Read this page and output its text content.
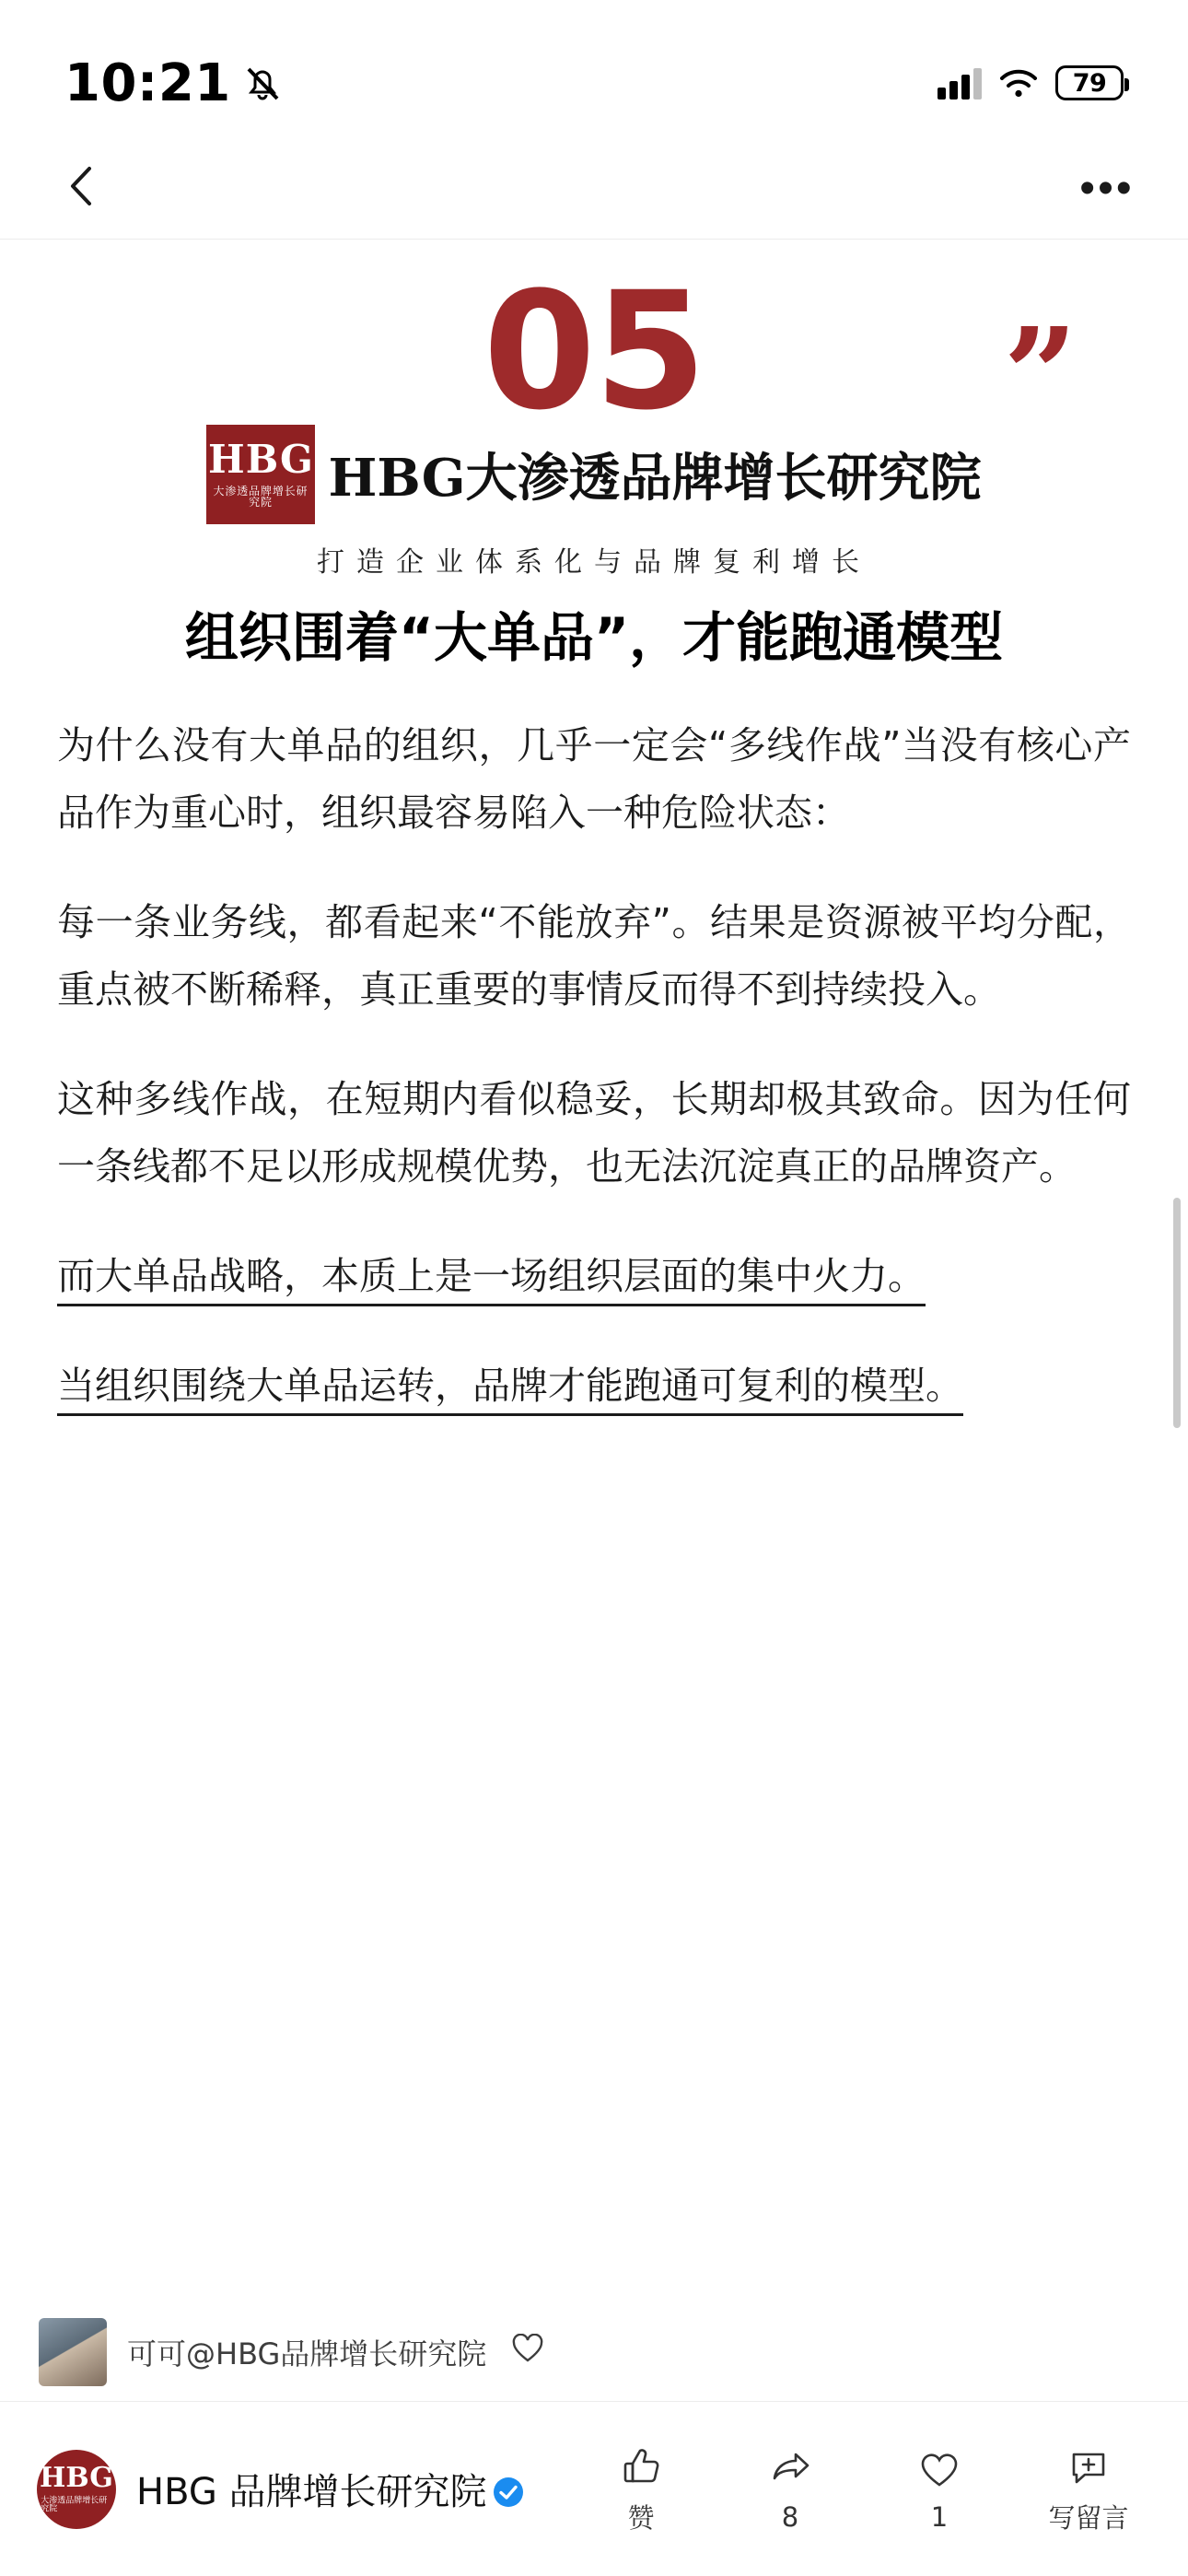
10:21	79
•••
05 ”
HBG
大渗透品牌增长研究院	HBG大渗透品牌增长研究院
打造企业体系化与品牌复利增长
组织围着“大单品”，才能跑通模型

为什么没有大单品的组织，几乎一定会“多线作战”当没有核心产品作为重心时，组织最容易陷入一种危险状态：

每一条业务线，都看起来“不能放弃”。结果是资源被平均分配，重点被不断稀释，真正重要的事情反而得不到持续投入。

这种多线作战，在短期内看似稳妥，长期却极其致命。因为任何一条线都不足以形成规模优势，也无法沉淀真正的品牌资产。

而大单品战略，本质上是一场组织层面的集中火力。

当组织围绕大单品运转，品牌才能跑通可复利的模型。

可可@HBG品牌增长研究院
HBG
大渗透品牌增长研究院	HBG 品牌增长研究院
赞	8	1	写留言
